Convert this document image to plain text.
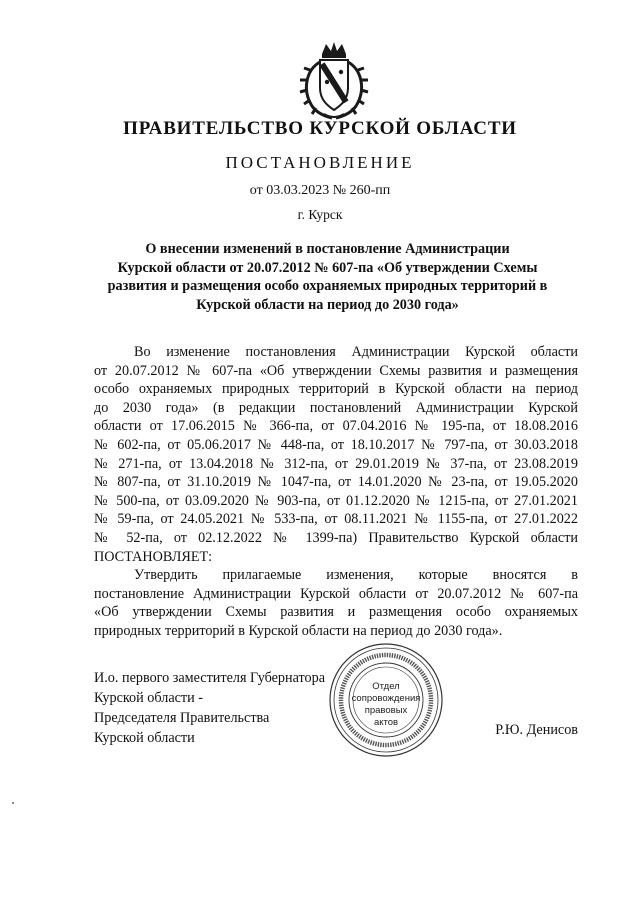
ПРАВИТЕЛЬСТВО КУРСКОЙ ОБЛАСТИ
ПОСТАНОВЛЕНИЕ
от 03.03.2023 № 260-пп
г. Курск
О внесении изменений в постановление Администрации
Курской области от 20.07.2012 № 607-па «Об утверждении Схемы
развития и размещения особо охраняемых природных территорий в
Курской области на период до 2030 года»
Во изменение постановления Администрации Курской области
от 20.07.2012 № 607-па «Об утверждении Схемы развития и размещения
особо охраняемых природных территорий в Курской области на период
до 2030 года» (в редакции постановлений Администрации Курской
области от 17.06.2015 № 366-па, от 07.04.2016 № 195-па, от 18.08.2016
№ 602-па, от 05.06.2017 № 448-па, от 18.10.2017 № 797-па, от 30.03.2018
№ 271-па, от 13.04.2018 № 312-па, от 29.01.2019 № 37-па, от 23.08.2019
№ 807-па, от 31.10.2019 № 1047-па, от 14.01.2020 № 23-па, от 19.05.2020
№ 500-па, от 03.09.2020 № 903-па, от 01.12.2020 № 1215-па, от 27.01.2021
№ 59-па, от 24.05.2021 № 533-па, от 08.11.2021 № 1155-па, от 27.01.2022
№ 52-па, от 02.12.2022 № 1399-па) Правительство Курской области
ПОСТАНОВЛЯЕТ:
Утвердить прилагаемые изменения, которые вносятся в
постановление Администрации Курской области от 20.07.2012 № 607-па
«Об утверждении Схемы развития и размещения особо охраняемых
природных территорий в Курской области на период до 2030 года».
И.о. первого заместителя Губернатора
Курской области -
Председателя Правительства
Курской области	Р.Ю. Денисов
Отдел
сопровождения
правовых
актов
